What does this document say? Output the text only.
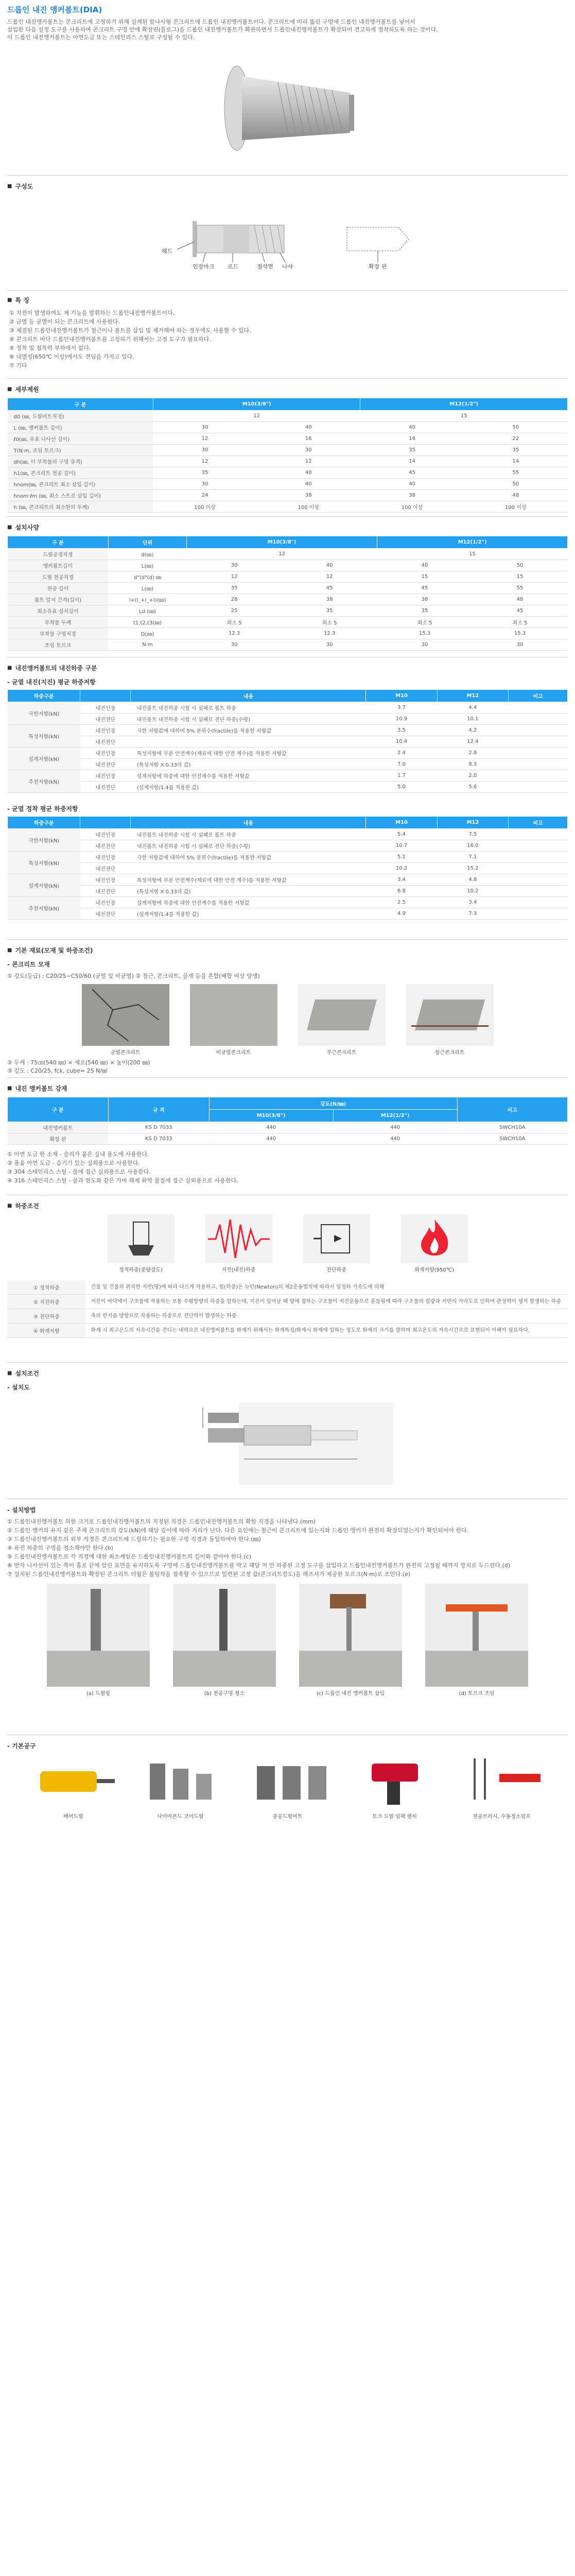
드롭인 내진 앵커볼트(DIA)
드롭인 내진앵커볼트는 콘크리트에 고정하기 위해 설계된 암나사형 콘크리트에 드롭인 내진앵커볼트이다. 콘크리트에 미리 뚫린 구멍에 드롭인 내진앵커볼트를 넣어서
삽입한 다음 설정 도구를 사용하여 콘크리트 구멍 안에 확장핀(플로그)을 드롭인 내진앵커볼트가 확관하면서 드롭인내진앵커볼트가 확장되어 견고하게 정착하도록 하는 것이다.
이 드롭인 내진앵커볼트는 아연도금 또는 스테인리스 스틸로 구성될 수 있다.
■ 구성도
헤드
인장마크 로드	절삭면 나사	확장 핀
■ 특 징
① 지진이 발생하여도 제 기능을 발휘하는 드롭인내진앵커볼트이다.
② 균열 등 균열이 되는 콘크리트에 사용한다.
③ 체결된 드롭인내진앵커볼트가 철근이나 볼트를 삽입 및 제거해야 하는 경우에도 사용할 수 있다.
④ 콘크리트 바닥 드롭인내진앵커볼트를 고정하기 위해서는 고정 도구가 필요하다.
⑤ 정착 및 접착력 부하에서 없다.
⑥ 내열성(650℃ 이상)에서도 견딤을 가지고 있다.
⑦ 기타
■ 세부제원
구 분	M10(3/8")		M12(1/2")	
d0 (㎜, 드릴비트직경)	12		15	
L (㎜, 앵커볼트 길이)	30	40	40	50
ℓ0(㎜, 유효 나사산 길이)	12	16	16	22
T(N·m, 조임 토르크)	30	30	35	35
dh(㎜, 이 부착물의 구멍 유격)	12	12	14	14
h1(㎜, 콘크리트 천공 깊이)	35	40	45	55
hnom(㎜, 콘크리트 최소 삽입 깊이)	30	40	40	50
hnom·ℓm (㎜, 최소 스트로 삽입 길이)	24	38	38	48
h (㎜, 콘크리트의 최소한의 두께)	100 이상	100 이상	100 이상	100 이상
■ 설치사양
구 분	단위	M10(3/8")		M12(1/2")	
드릴공경직경	d(㎜)	12		15	
앵커볼트길이	L(㎜)	30	40	40	50
드릴 천공직경	d"(d"(d) ㎜	12	12	15	15
천공 깊이	L(㎜)	35	45	45	55
볼트 알지 간격(길이)	l+(l_+l_+l)(㎜)	28	38	38	48
최소유효 설치깊이	Ld (㎜)	25	35	35	45
부착물 두께	t1,t2,t3(㎜)	최소 5	최소 5	최소 5	최소 5
부착물 구멍직경	D(㎜)	12.3	12.3	15.3	15.3
조임 토르크	N·m	30	30	30	30
■ 내진앵커볼트의 내진하중 구분
- 균열 내진(지진) 평균 하중저항
하중구분		내용	M10	M12	비고
극한저항(kN)	내진인장	내진볼트 내진하중 시험 시 실패로 볼트 하중	3.7	4.4	
	내진전단	내진볼트 내진하중 시험 시 실패로 전단 하중(수평)	10.9	10.1	
특성저항(kN)	내진인장	극한 저항값에 대하여 5% 분위수(fractile)를 적용한 저항값	3.5	4.2	
	내진전단		10.4	12.4	
설계저항(kN)	내진인장	특성저항에 부분 안전계수(재료에 대한 안전 계수)를 적용한 저항값	2.4	2.8	
	내진전단	(특성저항 X 0.33의 값)	7.0	8.3	
추천저항(kN)	내진인장	설계저항에 하중에 대한 안전계수를 적용한 저항값	1.7	2.0	
	내진전단	(설계저항/1.4를 적용한 값)	5.0	5.6	
- 균열 정착 평균 하중저항
하중구분		내용	M10	M12	비고
극한저항(kN)	내진인장	내진볼트 내진하중 시험 시 실패로 볼트 하중	5.4	7.5	
	내진전단	내진볼트 내진하중 시험 시 실패로 전단 하중(수평)	10.7	16.0	
특성저항(kN)	내진인장	극한 저항값에 대하여 5% 분위수(fractile)를 적용한 저항값	5.1	7.1	
	내진전단		10.2	15.2	
설계저항(kN)	내진인장	특성저항에 부분 안전계수(재료에 대한 안전 계수)를 적용한 저항값	3.4	4.8	
	내진전단	(특성저항 X 0.33의 값)	6.8	10.2	
추천저항(kN)	내진인장	설계저항에 하중에 대한 안전계수를 적용한 저항값	2.5	3.4	
	내진전단	(설계저항/1.4를 적용한 값)	4.9	7.3	
■ 기본 재료(모재 및 하중조건)
- 콘크리트 모재
① 강도(등급) : C20/25~C50/60 (균열 및 비균열) ② 철근, 콘크리트, 골재 등을 혼합(배합 비상 양생)
균열콘크리트	비균열콘크리트	무근콘크리트	철근콘크리트
② 두께 : 75㎝(540 ㎜) × 세로(540 ㎜) × 높이(200 ㎜)
③ 강도 : C20/25, fck, cube= 25 N/㎟
■ 내진 앵커볼트 강재
구 분	규 격	강도(N/㎜)		비고
		M10(3/8")	M12(1/2")	
내진앵커볼트	KS D 7033	440	440	SWCH10A
확장 핀	KS D 7033	440	440	SWCH10A
① 아연 도금 한 소재 - 슬리가 붙은 실내 용도에 사용한다.
② 용융 아연 도금 - 습기가 있는 실외용으로 사용한다.
③ 304 스테인리스 스틸 - 물에 접근 실외용으로 사용한다.
④ 316 스테인리스 스틸 - 물과 염도와 같은 가마 해제 화학 물질에 접근 실외용으로 사용한다.
■ 하중조건
정적하중(중량감도)	지진(내진)하중	전단하중	화재저항(950℃)
① 정적하중	건물 및 건물의 위치한 지반(땅)에 따라 다르게 작용하고, 힘(하중)은 뉴턴(Newton)의 제2운동법칙에 따라서 일정하 가속도에 의해
② 지진하중	지진이 바닥에서 구조물에 작용하는 보통 수평방향의 하중을 말하는데, 지진이 일어날 때 땅에 접하는 구조물이 지진운동으로 흔들림에 따라 구조물의 질량과 지반의 가속도로 인하여 관성력이 생겨 발생하는 하중
③ 전단하중	축의 반지름 방향으로 작용하는 하중으로 전단력이 발생하는 하중
④ 화재저항	화재 시 최고온도의 지속시간을 견디는 내력으로 내진앵커볼트를 화재가 위해서는 화재특징/화재시 화재에 입하는 정도로 화재의 크기를 말하며 최고온도의 지속시간으로 표현되어 이해가 필요하다.
■ 설치조건
- 설치도
- 설치방법
① 드롭인내진앵커볼트 의한 크기로 드롭인내진앵커볼트의 지정된 직경은 드롭인내진앵커볼트의 확한 직경을 나타낸다.(mm)
② 드롭인 앵커의 유지 같은 주체 콘크리트의 강도(kN)에 해당 깊이에 따라 거리가 난다. 다른 요인에는 철근이 콘크리트에 있는지와 드롭인 앵커가 완전히 확장되었는지가 확인되어야 한다.
③ 드롭인내진앵커볼트의 외부 직경은 콘크리트에 드릴하기는 필요한 구멍 직경과 동일하여야 한다.(㎜)
④ 유진 하중의 구멍을 청소해야만 한다.(b)
⑤ 드롭인내진앵커볼트로 각 직경에 대한 최소깨임은 드롭인내진앵커볼트의 길이와 같아야 한다.(c)
⑥ 반자 나사선이 있는 쪽이 홀로 끝에 알린 표면을 유지하도록 구멍에 드롭인내진앵커볼트를 박고 해당 저 안 하중된 고정 도구를 삽입하고 드롭인내진앵커볼트가 완전히 고정될 때까지 망치로 두드린다.(d)
⑦ 설치된 드롭인내진앵커볼트와 확장된 콘크리트 더월은 볼팅작을 접촉할 수 있으므로 일련된 고정 값(콘크리트강도)을 해프셔가 제공한 토르크(N·m)로 조인다.(e)
(a) 드릴링	(b) 천공구멍 청소	(c) 드롭인 내진 앵커볼트 삽입	(d) 토르크 조임
- 기본공구
해머드릴	다이아몬드 코어드릴	중공드릴비트	토크 드릴 임팩 렌치	천공브러시, 수동정소펌프
